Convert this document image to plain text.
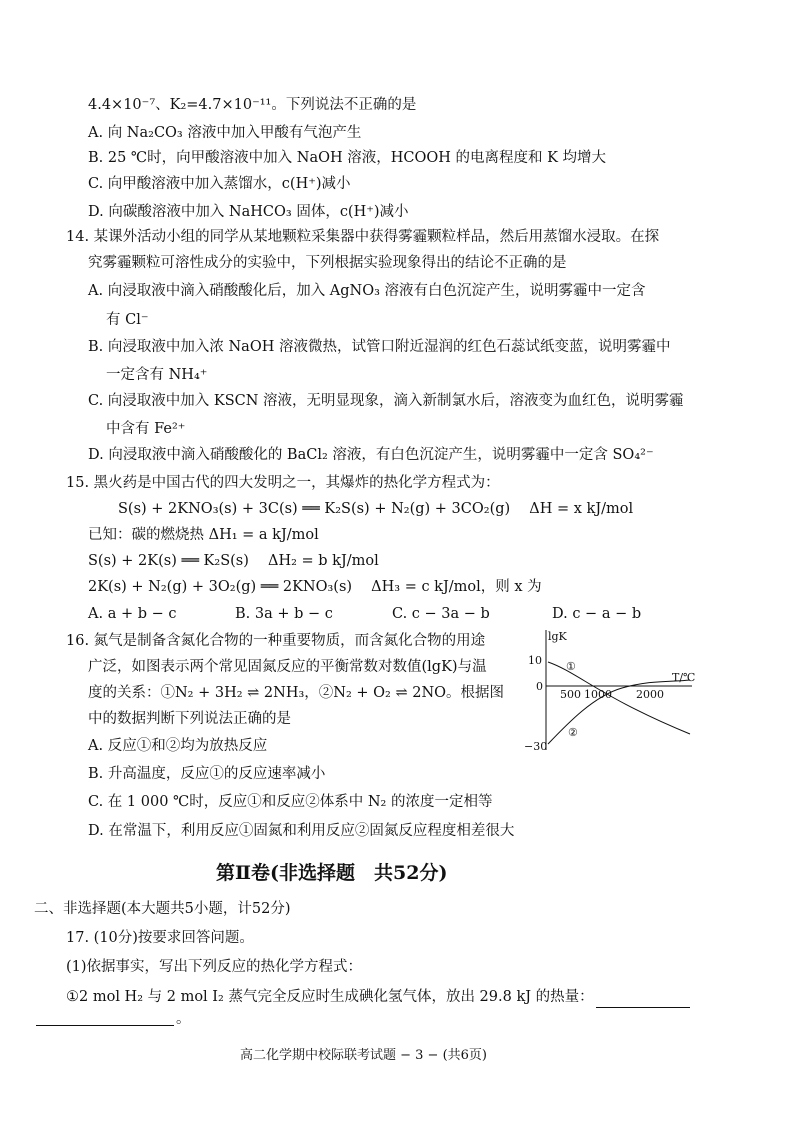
4.4×10⁻⁷、K₂=4.7×10⁻¹¹。下列说法不正确的是
A. 向 Na₂CO₃ 溶液中加入甲酸有气泡产生
B. 25 ℃时，向甲酸溶液中加入 NaOH 溶液，HCOOH 的电离程度和 K 均增大
C. 向甲酸溶液中加入蒸馏水，c(H⁺)减小
D. 向碳酸溶液中加入 NaHCO₃ 固体，c(H⁺)减小
14. 某课外活动小组的同学从某地颗粒采集器中获得雾霾颗粒样品，然后用蒸馏水浸取。在探
究雾霾颗粒可溶性成分的实验中，下列根据实验现象得出的结论不正确的是
A. 向浸取液中滴入硝酸酸化后，加入 AgNO₃ 溶液有白色沉淀产生，说明雾霾中一定含
有 Cl⁻
B. 向浸取液中加入浓 NaOH 溶液微热，试管口附近湿润的红色石蕊试纸变蓝，说明雾霾中
一定含有 NH₄⁺
C. 向浸取液中加入 KSCN 溶液，无明显现象，滴入新制氯水后，溶液变为血红色，说明雾霾
中含有 Fe²⁺
D. 向浸取液中滴入硝酸酸化的 BaCl₂ 溶液，有白色沉淀产生，说明雾霾中一定含 SO₄²⁻
15. 黑火药是中国古代的四大发明之一，其爆炸的热化学方程式为：
S(s) + 2KNO₃(s) + 3C(s) ══ K₂S(s) + N₂(g) + 3CO₂(g)　 ΔH = x kJ/mol
已知：碳的燃烧热 ΔH₁ = a kJ/mol
S(s) + 2K(s) ══ K₂S(s)　 ΔH₂ = b kJ/mol
2K(s) + N₂(g) + 3O₂(g) ══ 2KNO₃(s)　 ΔH₃ = c kJ/mol，则 x 为
A. a + b − c	B. 3a + b − c	C. c − 3a − b	D. c − a − b
16. 氮气是制备含氮化合物的一种重要物质，而含氮化合物的用途
广泛，如图表示两个常见固氮反应的平衡常数对数值(lgK)与温
度的关系：①N₂ + 3H₂ ⇌ 2NH₃，②N₂ + O₂ ⇌ 2NO。根据图
中的数据判断下列说法正确的是
A. 反应①和②均为放热反应
B. 升高温度，反应①的反应速率减小
C. 在 1 000 ℃时，反应①和反应②体系中 N₂ 的浓度一定相等
D. 在常温下，利用反应①固氮和利用反应②固氮反应程度相差很大
lgK
T/℃
10
0
−30
500 1000 2000
①
②
第Ⅱ卷(非选择题　共52分)
二、非选择题(本大题共5小题，计52分)
17. (10分)按要求回答问题。
(1)依据事实，写出下列反应的热化学方程式：
①2 mol H₂ 与 2 mol I₂ 蒸气完全反应时生成碘化氢气体，放出 29.8 kJ 的热量：
。
高二化学期中校际联考试题 − 3 − (共6页)
